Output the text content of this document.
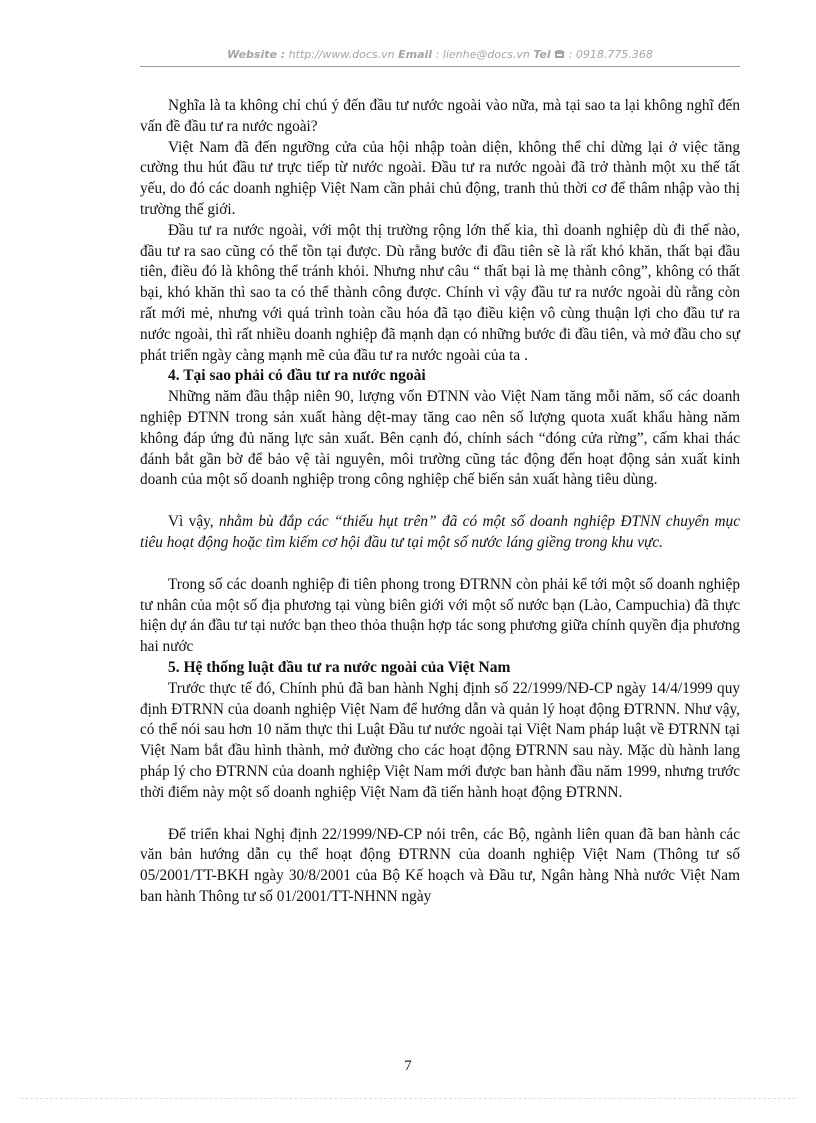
Website : http://www.docs.vn Email : lienhe@docs.vn Tel : 0918.775.368

Nghĩa là ta không chỉ chú ý đến đầu tư nước ngoài vào nữa, mà tại sao ta lại không nghĩ đến vấn đề đầu tư ra nước ngoài?

Việt Nam đã đến ngưỡng cửa của hội nhập toàn diện, không thể chỉ dừng lại ở việc tăng cường thu hút đầu tư trực tiếp từ nước ngoài. Đầu tư ra nước ngoài đã trở thành một xu thế tất yếu, do đó các doanh nghiệp Việt Nam cần phải chủ động, tranh thủ thời cơ để thâm nhập vào thị trường thế giới.

Đầu tư ra nước ngoài, với một thị trường rộng lớn thế kia, thì doanh nghiệp dù đi thế nào, đầu tư ra sao cũng có thể tồn tại được. Dù rằng bước đi đầu tiên sẽ là rất khó khăn, thất bại đầu tiên, điều đó là không thể tránh khỏi. Nhưng như câu “ thất bại là mẹ thành công”, không có thất bại, khó khăn thì sao ta có thể thành công được. Chính vì vậy đầu tư ra nước ngoài dù rằng còn rất mới mẻ, nhưng với quá trình toàn cầu hóa đã tạo điều kiện vô cùng thuận lợi cho đầu tư ra nước ngoài, thì rất nhiều doanh nghiệp đã mạnh dạn có những bước đi đầu tiên, và mở đầu cho sự phát triển ngày càng mạnh mẽ của đầu tư ra nước ngoài của ta .

4. Tại sao phải có đầu tư ra nước ngoài

Những năm đầu thập niên 90, lượng vốn ĐTNN vào Việt Nam tăng mỗi năm, số các doanh nghiệp ĐTNN trong sản xuất hàng dệt-may tăng cao nên số lượng quota xuất khẩu hàng năm không đáp ứng đủ năng lực sản xuất. Bên cạnh đó, chính sách “đóng cửa rừng”, cấm khai thác đánh bắt gần bờ để bảo vệ tài nguyên, môi trường cũng tác động đến hoạt động sản xuất kinh doanh của một số doanh nghiệp trong công nghiệp chế biến sản xuất hàng tiêu dùng.

Vì vậy, nhằm bù đắp các “thiếu hụt trên” đã có một số doanh nghiệp ĐTNN chuyển mục tiêu hoạt động hoặc tìm kiếm cơ hội đầu tư tại một số nước láng giềng trong khu vực.

Trong số các doanh nghiệp đi tiên phong trong ĐTRNN còn phải kể tới một số doanh nghiệp tư nhân của một số địa phương tại vùng biên giới với một số nước bạn (Lào, Campuchia) đã thực hiện dự án đầu tư tại nước bạn theo thỏa thuận hợp tác song phương giữa chính quyền địa phương hai nước

5. Hệ thống luật đầu tư ra nước ngoài của Việt Nam

Trước thực tế đó, Chính phủ đã ban hành Nghị định số 22/1999/NĐ-CP ngày 14/4/1999 quy định ĐTRNN của doanh nghiệp Việt Nam để hướng dẫn và quản lý hoạt động ĐTRNN. Như vậy, có thể nói sau hơn 10 năm thực thi Luật Đầu tư nước ngoài tại Việt Nam pháp luật về ĐTRNN tại Việt Nam bắt đầu hình thành, mở đường cho các hoạt động ĐTRNN sau này. Mặc dù hành lang pháp lý cho ĐTRNN của doanh nghiệp Việt Nam mới được ban hành đầu năm 1999, nhưng trước thời điểm này một số doanh nghiệp Việt Nam đã tiến hành hoạt động ĐTRNN.

Để triển khai Nghị định 22/1999/NĐ-CP nói trên, các Bộ, ngành liên quan đã ban hành các văn bản hướng dẫn cụ thể hoạt động ĐTRNN của doanh nghiệp Việt Nam (Thông tư số 05/2001/TT-BKH ngày 30/8/2001 của Bộ Kế hoạch và Đầu tư, Ngân hàng Nhà nước Việt Nam ban hành Thông tư số 01/2001/TT-NHNN ngày

7
